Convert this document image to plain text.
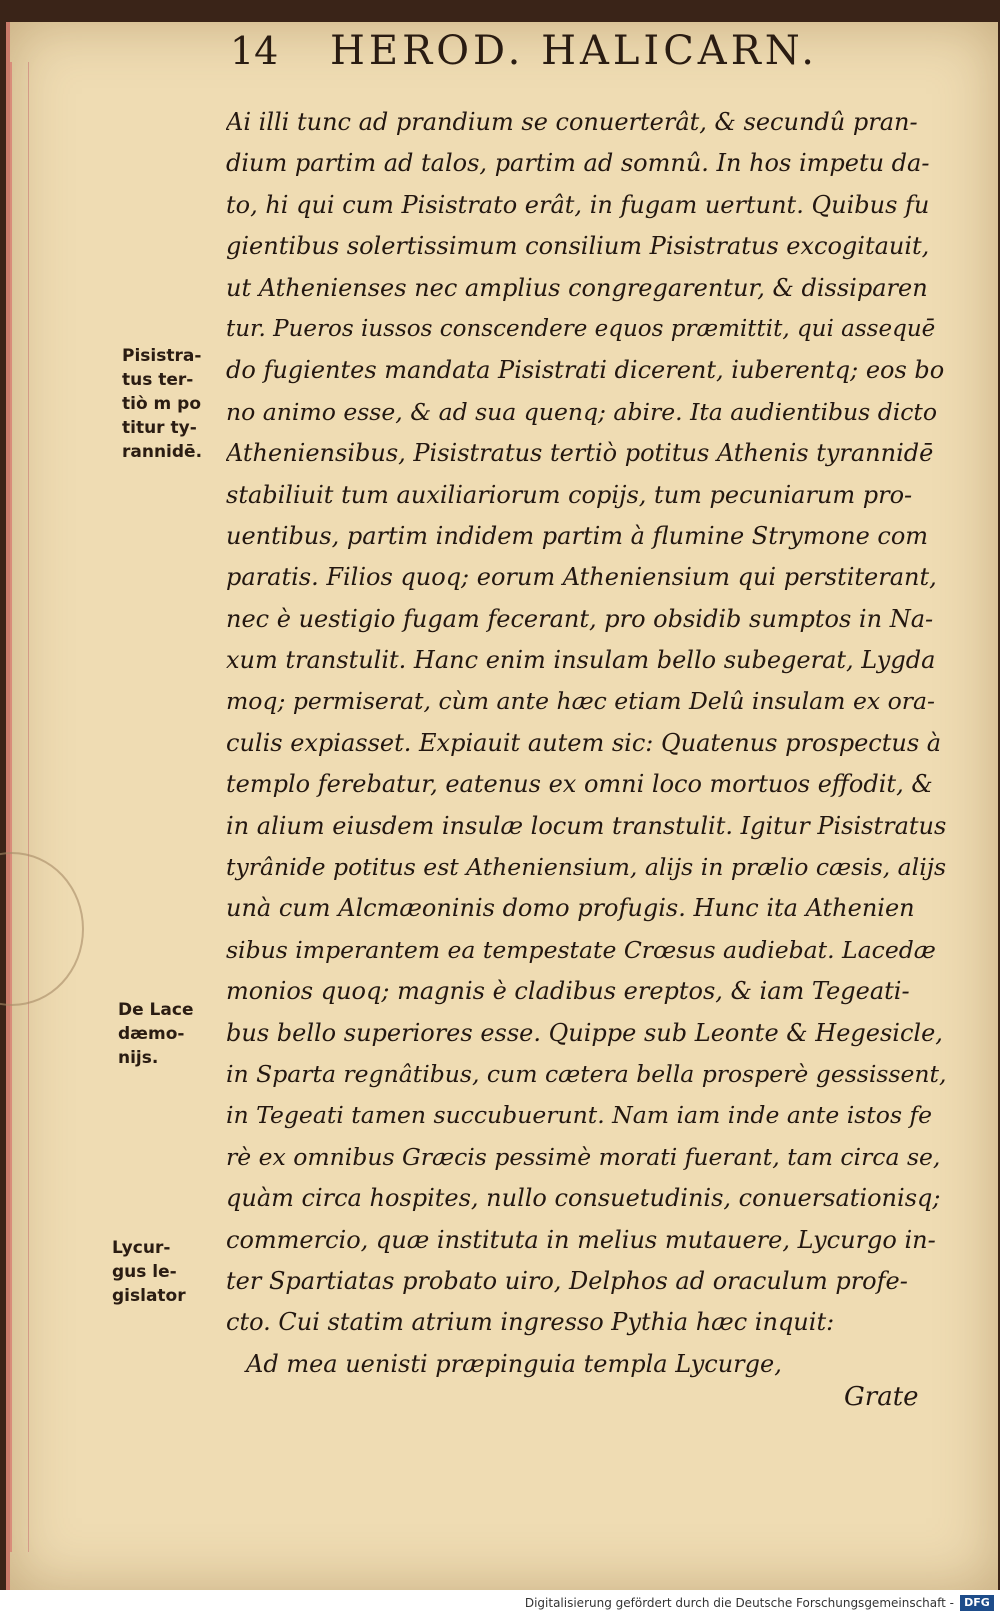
14	HEROD. HALICARN.
Pisistra-
tus ter-
tiò m po
titur ty-
rannidē.
De Lace
dæmo-
nijs.
Lycur-
gus le-
gislator
Ai illi tunc ad prandium se conuerterât, & secundû pran-
dium partim ad talos, partim ad somnû. In hos impetu da-
to, hi qui cum Pisistrato erât, in fugam uertunt. Quibus fu
gientibus solertissimum consilium Pisistratus excogitauit,
ut Athenienses nec amplius congregarentur, & dissiparen
tur. Pueros iussos conscendere equos præmittit, qui assequē
do fugientes mandata Pisistrati dicerent, iuberentq; eos bo
no animo esse, & ad sua quenq; abire. Ita audientibus dicto
Atheniensibus, Pisistratus tertiò potitus Athenis tyrannidē
stabiliuit tum auxiliariorum copijs, tum pecuniarum pro-
uentibus, partim indidem partim à flumine Strymone com
paratis. Filios quoq; eorum Atheniensium qui perstiterant,
nec è uestigio fugam fecerant, pro obsidib sumptos in Na-
xum transtulit. Hanc enim insulam bello subegerat, Lygda
moq; permiserat, cùm ante hæc etiam Delû insulam ex ora-
culis expiasset. Expiauit autem sic: Quatenus prospectus à
templo ferebatur, eatenus ex omni loco mortuos effodit, &
in alium eiusdem insulæ locum transtulit. Igitur Pisistratus
tyrânide potitus est Atheniensium, alijs in prælio cæsis, alijs
unà cum Alcmæoninis domo profugis. Hunc ita Athenien
sibus imperantem ea tempestate Crœsus audiebat. Lacedæ
monios quoq; magnis è cladibus ereptos, & iam Tegeati-
bus bello superiores esse. Quippe sub Leonte & Hegesicle,
in Sparta regnâtibus, cum cætera bella prosperè gessissent,
in Tegeati tamen succubuerunt. Nam iam inde ante istos fe
rè ex omnibus Græcis pessimè morati fuerant, tam circa se,
quàm circa hospites, nullo consuetudinis, conuersationisq;
commercio, quæ instituta in melius mutauere, Lycurgo in-
ter Spartiatas probato uiro, Delphos ad oraculum profe-
cto. Cui statim atrium ingresso Pythia hæc inquit:
Ad mea uenisti præpinguia templa Lycurge,
Grate
Digitalisierung gefördert durch die Deutsche Forschungsgemeinschaft - DFG
